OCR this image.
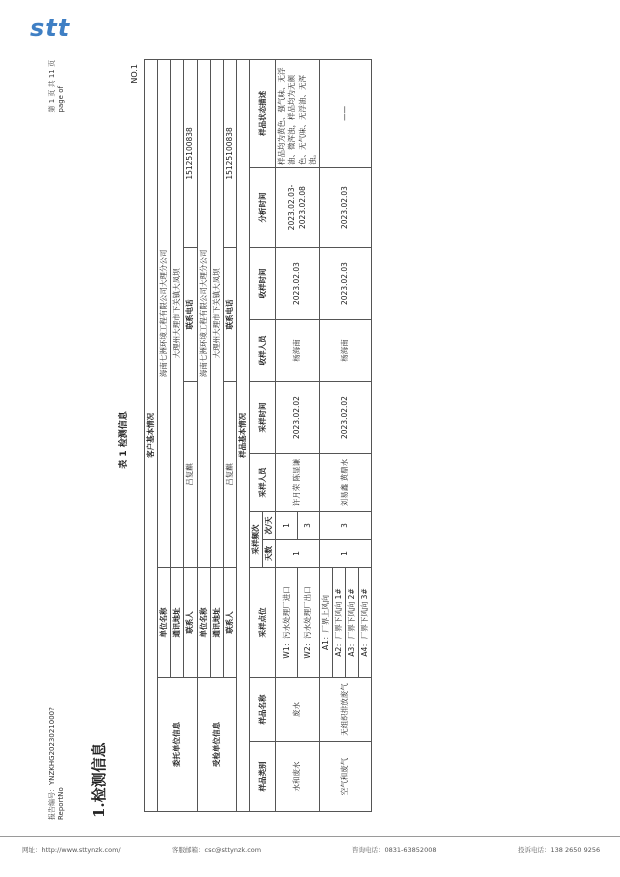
stt
报告编号：YNZKHG2023021000?
ReportNo
第 1 页 共 11 页 page of
1.检测信息
表 1 检测信息
NO.1
客户基本情况										
委托单位信息		单位名称	海南七洲环境工程有限公司大理分公司							
		通讯地址	大理州大理市下关镇大凤坝							
		联系人	吕复麒				联系电话		15125100838	
受检单位信息		单位名称	海南七洲环境工程有限公司大理分公司							
		通讯地址	大理州大理市下关镇大凤坝							
		联系人	吕复麒				联系电话		15125100838	
样品基本情况										
样品类别	样品名称	采样点位	采样频次		采样人员	采样时间	收样人员	收样时间	分析时间	样品状态描述
			天数	次/天						
水和废水	废水	W1：污水处理厂进口	1	1	许月荣 陈显谦	2023.02.02	杨海南	2023.02.03	2023.02.03-2023.02.08	样品均为黄色、强气味、无浮油、微浑浊，样品均为无颜色、无气味、无浮油、无浑浊。
		W2：污水处理厂出口		3						
空气和废气	无组织排放废气	A1：厂界上风向	1	3	刘易鑫 黄鼎水	2023.02.02	杨海南	2023.02.03	2023.02.03	——
		A2：厂界下风向 1#								
		A3：厂界下风向 2#								
		A4：厂界下风向 3#								
网址：http://www.sttynzk.com/	客服邮箱：csc@sttynzk.com	咨询电话：0831-63852008	投诉电话：138 2650 9256
